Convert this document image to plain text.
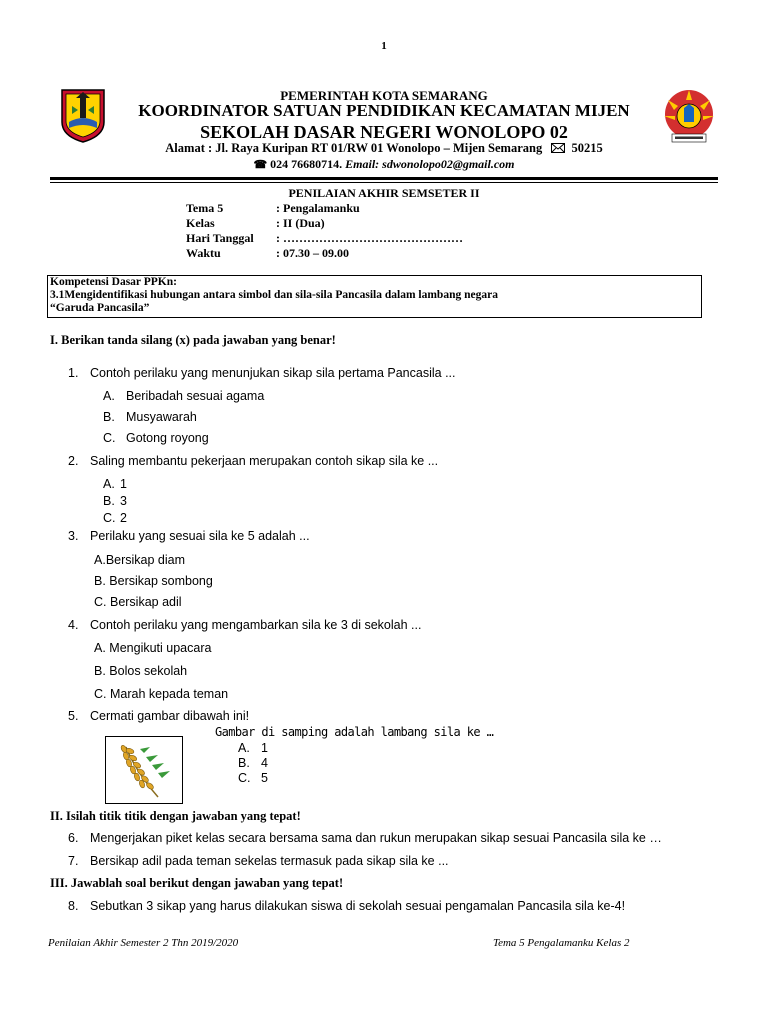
1
PEMERINTAH KOTA SEMARANG
KOORDINATOR SATUAN PENDIDIKAN KECAMATAN MIJEN
SEKOLAH DASAR NEGERI WONOLOPO 02
Alamat : Jl. Raya Kuripan RT 01/RW 01 Wonolopo – Mijen Semarang 50215
☎ 024 76680714. Email: sdwonolopo02@gmail.com
PENILAIAN AKHIR SEMSETER II
Tema 5	: Pengalamanku
Kelas	: II (Dua)
Hari Tanggal : ………………………………………
Waktu	: 07.30 – 09.00
Kompetensi Dasar PPKn:
3.1Mengidentifikasi hubungan antara simbol dan sila-sila Pancasila dalam lambang negara
“Garuda Pancasila”
I. Berikan tanda silang (x) pada jawaban yang benar!
1. Contoh perilaku yang menunjukan sikap sila pertama Pancasila ...
A. Beribadah sesuai agama
B. Musyawarah
C. Gotong royong
2. Saling membantu pekerjaan merupakan contoh sikap sila ke ...
A. 1
B. 3
C. 2
3. Perilaku yang sesuai sila ke 5 adalah ...
A.Bersikap diam
B. Bersikap sombong
C. Bersikap adil
4. Contoh perilaku yang mengambarkan sila ke 3 di sekolah ...
A. Mengikuti upacara
B. Bolos sekolah
C. Marah kepada teman
5. Cermati gambar dibawah ini!
Gambar di samping adalah lambang sila ke …
A. 1
B. 4
C. 5
II. Isilah titik titik dengan jawaban yang tepat!
6. Mengerjakan piket kelas secara bersama sama dan rukun merupakan sikap sesuai Pancasila sila ke …
7. Bersikap adil pada teman sekelas termasuk pada sikap sila ke ...
III. Jawablah soal berikut dengan jawaban yang tepat!
8. Sebutkan 3 sikap yang harus dilakukan siswa di sekolah sesuai pengamalan Pancasila sila ke-4!
Penilaian Akhir Semester 2 Thn 2019/2020	Tema 5 Pengalamanku Kelas 2
